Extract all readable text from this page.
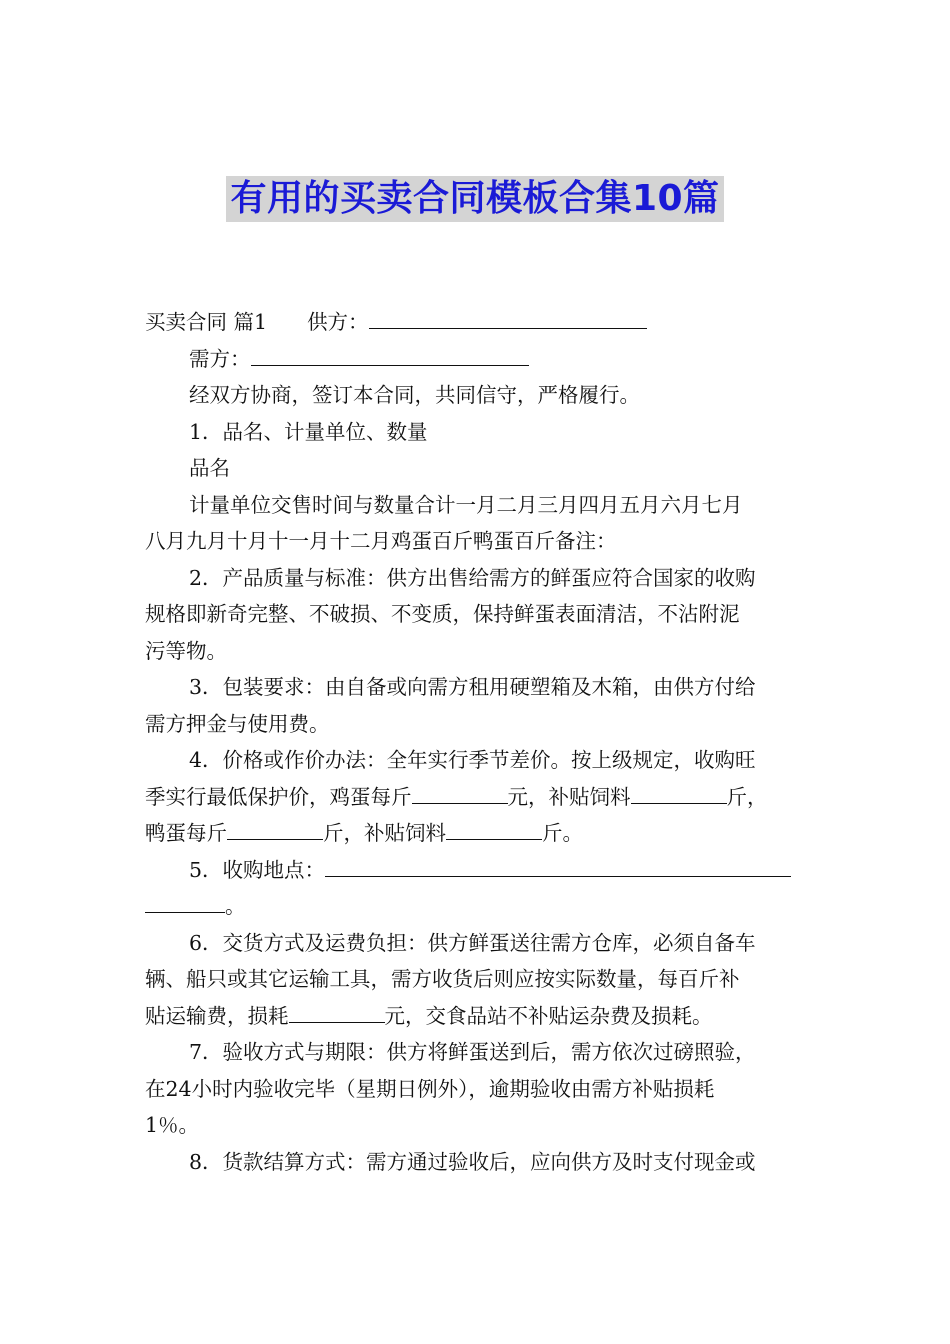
有用的买卖合同模板合集10篇
买卖合同 篇1 供方：
需方：
经双方协商，签订本合同，共同信守，严格履行。
1．品名、计量单位、数量
品名
计量单位交售时间与数量合计一月二月三月四月五月六月七月
八月九月十月十一月十二月鸡蛋百斤鸭蛋百斤备注：
2．产品质量与标准：供方出售给需方的鲜蛋应符合国家的收购
规格即新奇完整、不破损、不变质，保持鲜蛋表面清洁，不沾附泥
污等物。
3．包装要求：由自备或向需方租用硬塑箱及木箱，由供方付给
需方押金与使用费。
4．价格或作价办法：全年实行季节差价。按上级规定，收购旺
季实行最低保护价，鸡蛋每斤	元，补贴饲料	斤，
鸭蛋每斤	斤，补贴饲料	斤。
5．收购地点：
。
6．交货方式及运费负担：供方鲜蛋送往需方仓库，必须自备车
辆、船只或其它运输工具，需方收货后则应按实际数量，每百斤补
贴运输费，损耗	元，交食品站不补贴运杂费及损耗。
7．验收方式与期限：供方将鲜蛋送到后，需方依次过磅照验，
在24小时内验收完毕（星期日例外），逾期验收由需方补贴损耗
1％。
8．货款结算方式：需方通过验收后，应向供方及时支付现金或
